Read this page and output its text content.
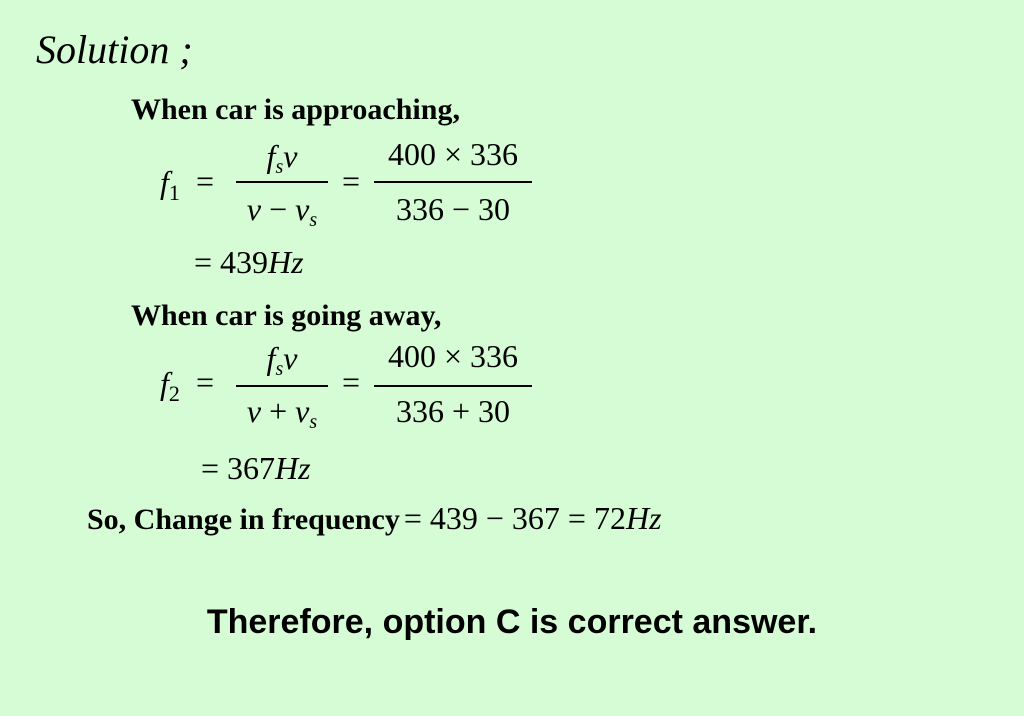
Solution ;
When car is approaching,
$f_1$ =
$f_sv$
$v - v_s$
=
400 × 336
336 − 30
= 439Hz
When car is going away,
$f_2$ =
$f_sv$
$v + v_s$
=
400 × 336
336 + 30
= 367Hz
So, Change in frequency = 439 − 367 = 72Hz
Therefore, option C is correct answer.
